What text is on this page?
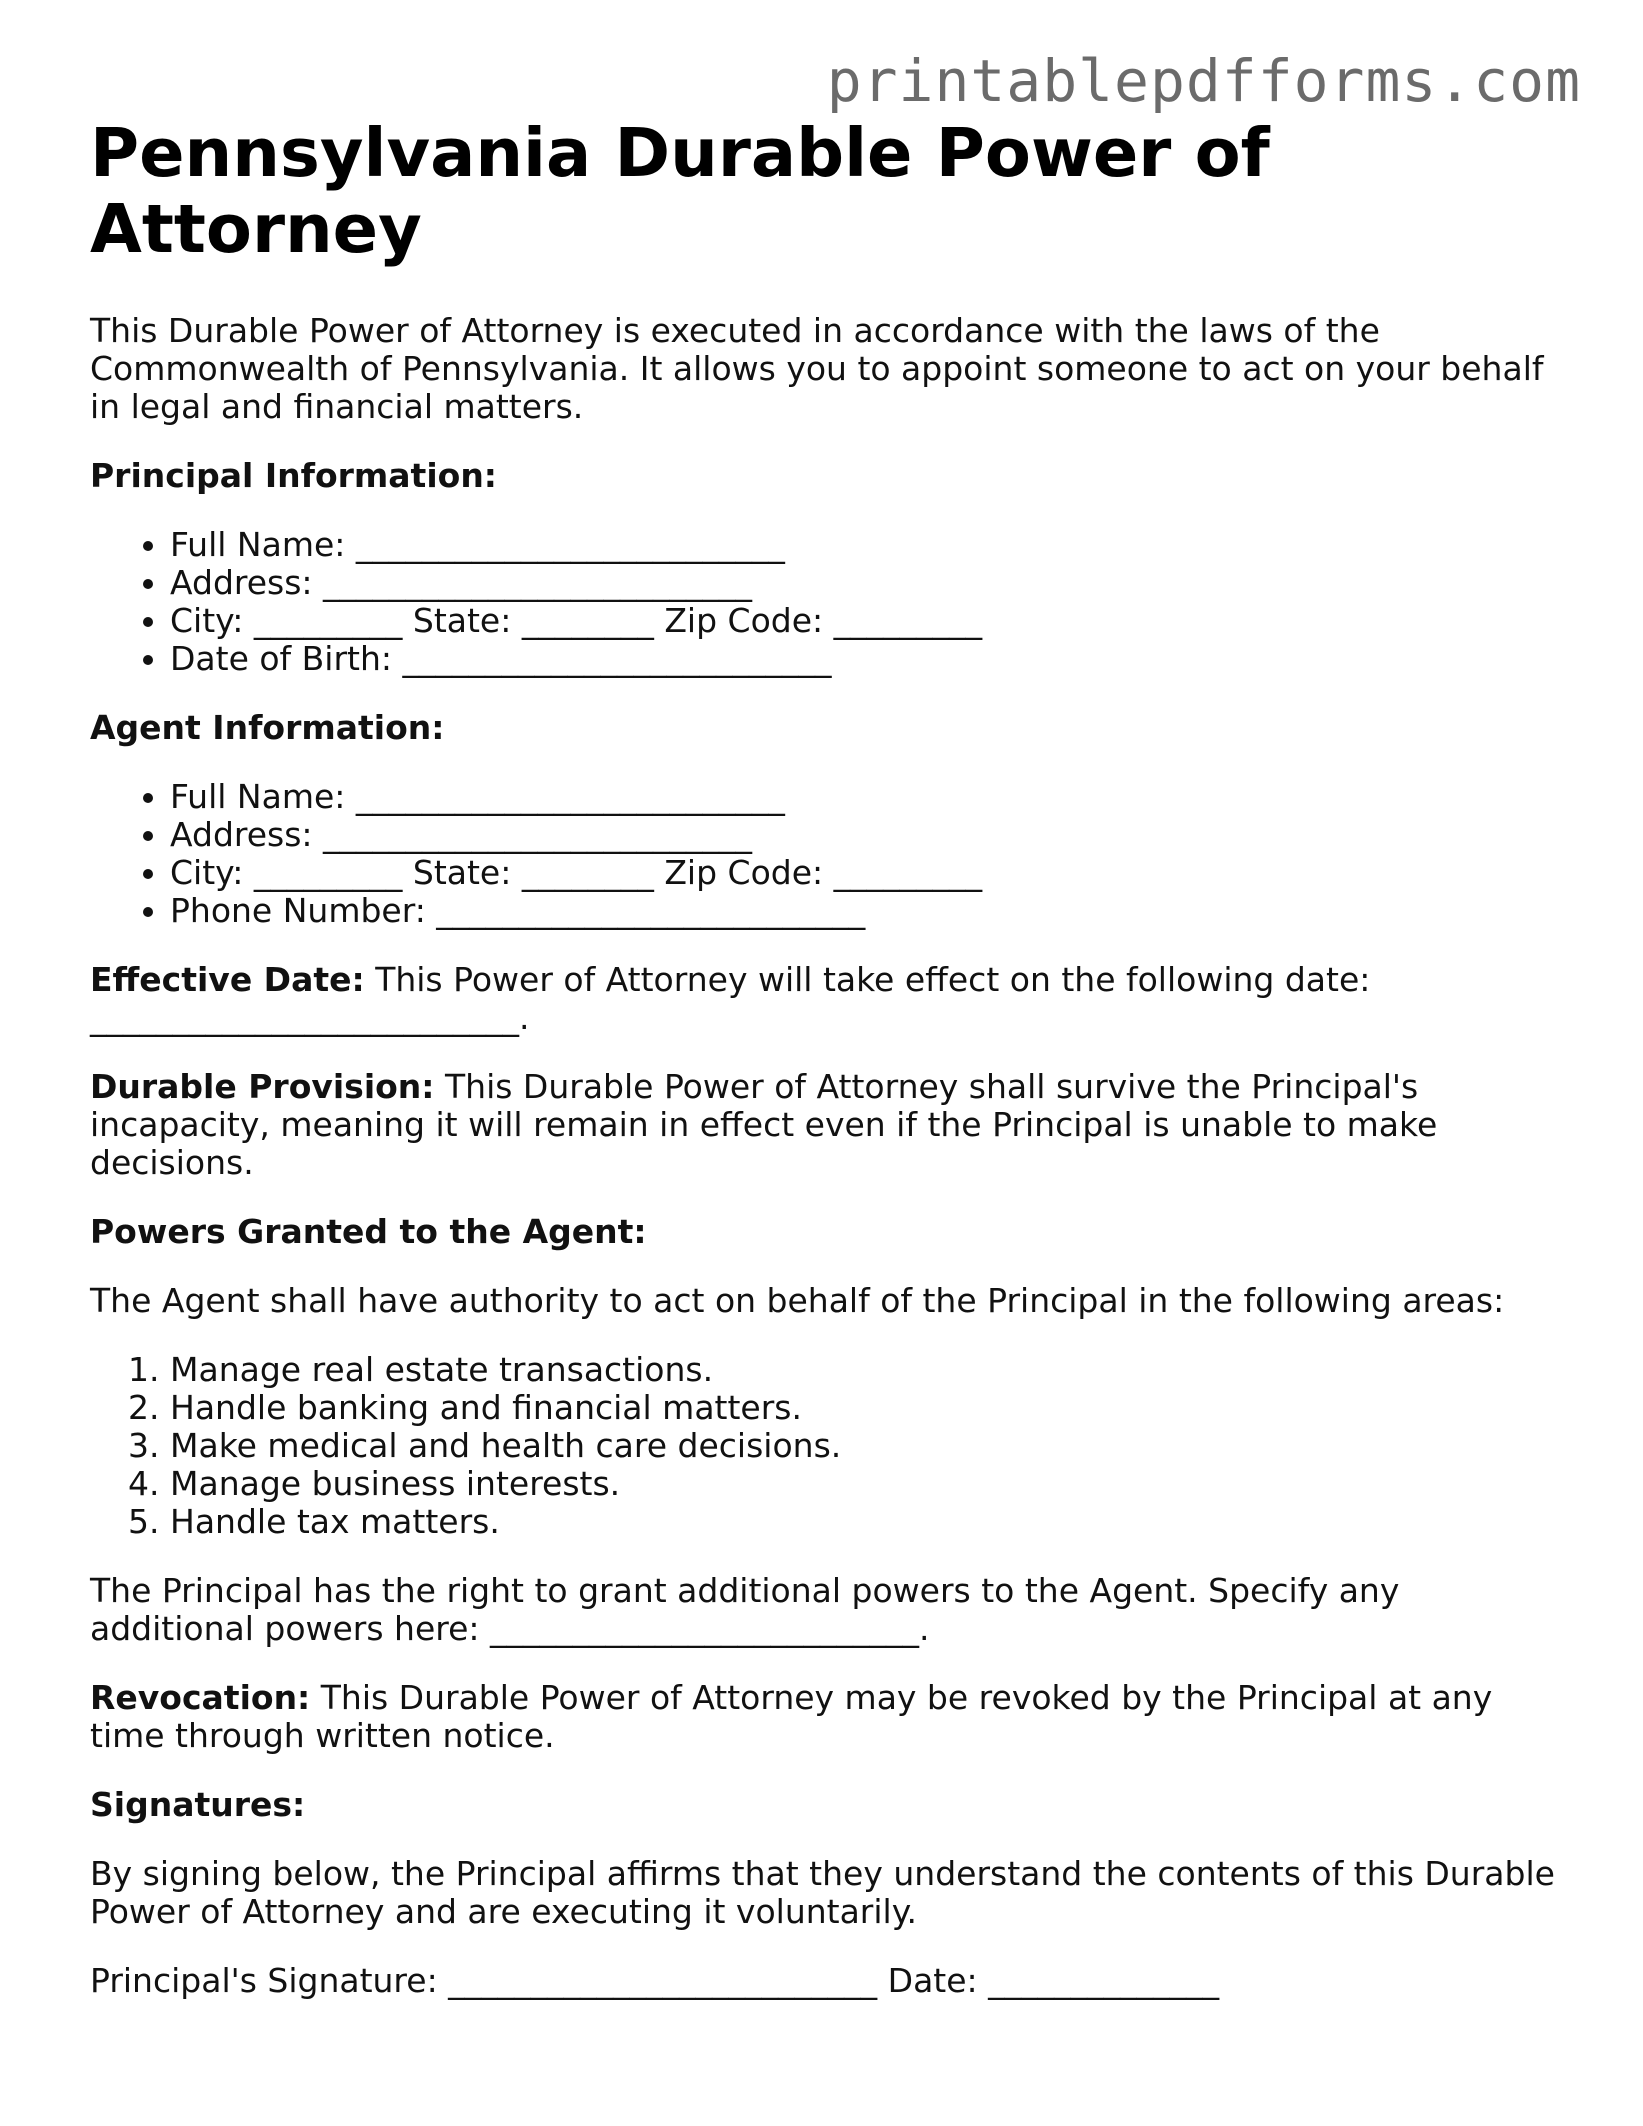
printablepdfforms.com
Pennsylvania Durable Power of Attorney

This Durable Power of Attorney is executed in accordance with the laws of the Commonwealth of Pennsylvania. It allows you to appoint someone to act on your behalf in legal and financial matters.

Principal Information:

• Full Name: __________________________
• Address: __________________________
• City: _________ State: ________ Zip Code: _________
• Date of Birth: __________________________

Agent Information:

• Full Name: __________________________
• Address: __________________________
• City: _________ State: ________ Zip Code: _________
• Phone Number: __________________________

Effective Date: This Power of Attorney will take effect on the following date: __________________________.

Durable Provision: This Durable Power of Attorney shall survive the Principal's incapacity, meaning it will remain in effect even if the Principal is unable to make decisions.

Powers Granted to the Agent:

The Agent shall have authority to act on behalf of the Principal in the following areas:

1. Manage real estate transactions.
2. Handle banking and financial matters.
3. Make medical and health care decisions.
4. Manage business interests.
5. Handle tax matters.

The Principal has the right to grant additional powers to the Agent. Specify any additional powers here: __________________________.

Revocation: This Durable Power of Attorney may be revoked by the Principal at any time through written notice.

Signatures:

By signing below, the Principal affirms that they understand the contents of this Durable Power of Attorney and are executing it voluntarily.

Principal's Signature: __________________________ Date: ______________
